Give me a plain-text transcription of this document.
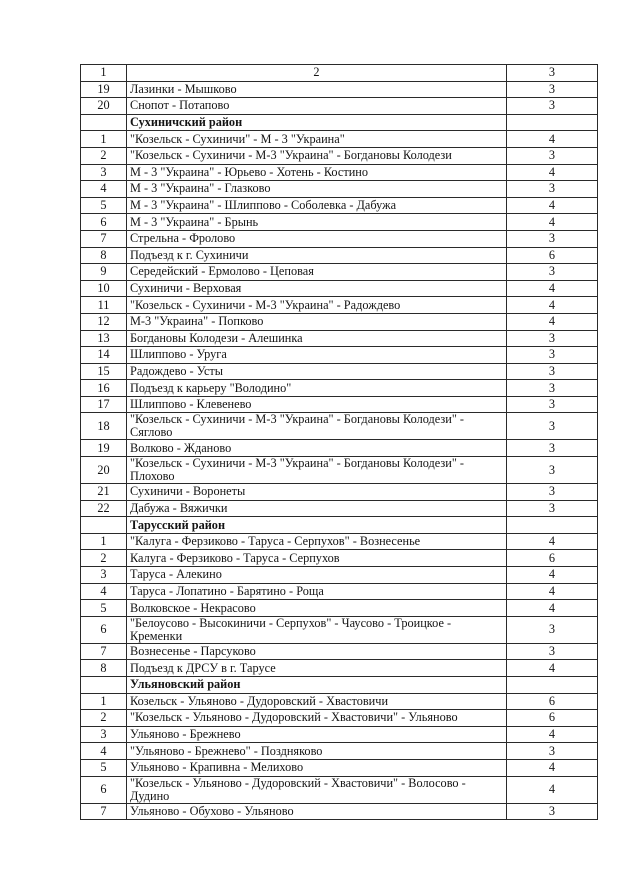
1	2	3
19	Лазинки - Мышково	3
20	Снопот - Потапово	3
	Сухиничский район	
1	"Козельск - Сухиничи" - М - 3 "Украина"	4
2	"Козельск - Сухиничи - М-3 "Украина" - Богдановы Колодези	3
3	М - 3 "Украина" - Юрьево - Хотень - Костино	4
4	М - 3 "Украина" - Глазково	3
5	М - 3 "Украина" - Шлиппово - Соболевка - Дабужа	4
6	М - 3 "Украина" - Брынь	4
7	Стрельна - Фролово	3
8	Подъезд к г. Сухиничи	6
9	Середейский - Ермолово - Цеповая	3
10	Сухиничи - Верховая	4
11	"Козельск - Сухиничи - М-3 "Украина" - Радождево	4
12	М-3 "Украина" - Попково	4
13	Богдановы Колодези - Алешинка	3
14	Шлиппово - Уруга	3
15	Радождево - Усты	3
16	Подъезд к карьеру "Володино"	3
17	Шлиппово - Клевенево	3
18	"Козельск - Сухиничи - М-3 "Украина" - Богдановы Колодези" - Сяглово	3
19	Волково - Жданово	3
20	"Козельск - Сухиничи - М-3 "Украина" - Богдановы Колодези" - Плохово	3
21	Сухиничи - Воронеты	3
22	Дабужа - Вяжички	3
	Тарусский район	
1	"Калуга - Ферзиково - Таруса - Серпухов" - Вознесенье	4
2	Калуга - Ферзиково - Таруса - Серпухов	6
3	Таруса - Алекино	4
4	Таруса - Лопатино - Барятино - Роща	4
5	Волковское - Некрасово	4
6	"Белоусово - Высокиничи - Серпухов" - Чаусово - Троицкое - Кременки	3
7	Вознесенье - Парсуково	3
8	Подъезд к ДРСУ в г. Тарусе	4
	Ульяновский район	
1	Козельск - Ульяново - Дудоровский - Хвастовичи	6
2	"Козельск - Ульяново - Дудоровский - Хвастовичи" - Ульяново	6
3	Ульяново - Брежнево	4
4	"Ульяново - Брежнево" - Поздняково	3
5	Ульяново - Крапивна - Мелихово	4
6	"Козельск - Ульяново - Дудоровский - Хвастовичи" - Волосово - Дудино	4
7	Ульяново - Обухово - Ульяново	3
